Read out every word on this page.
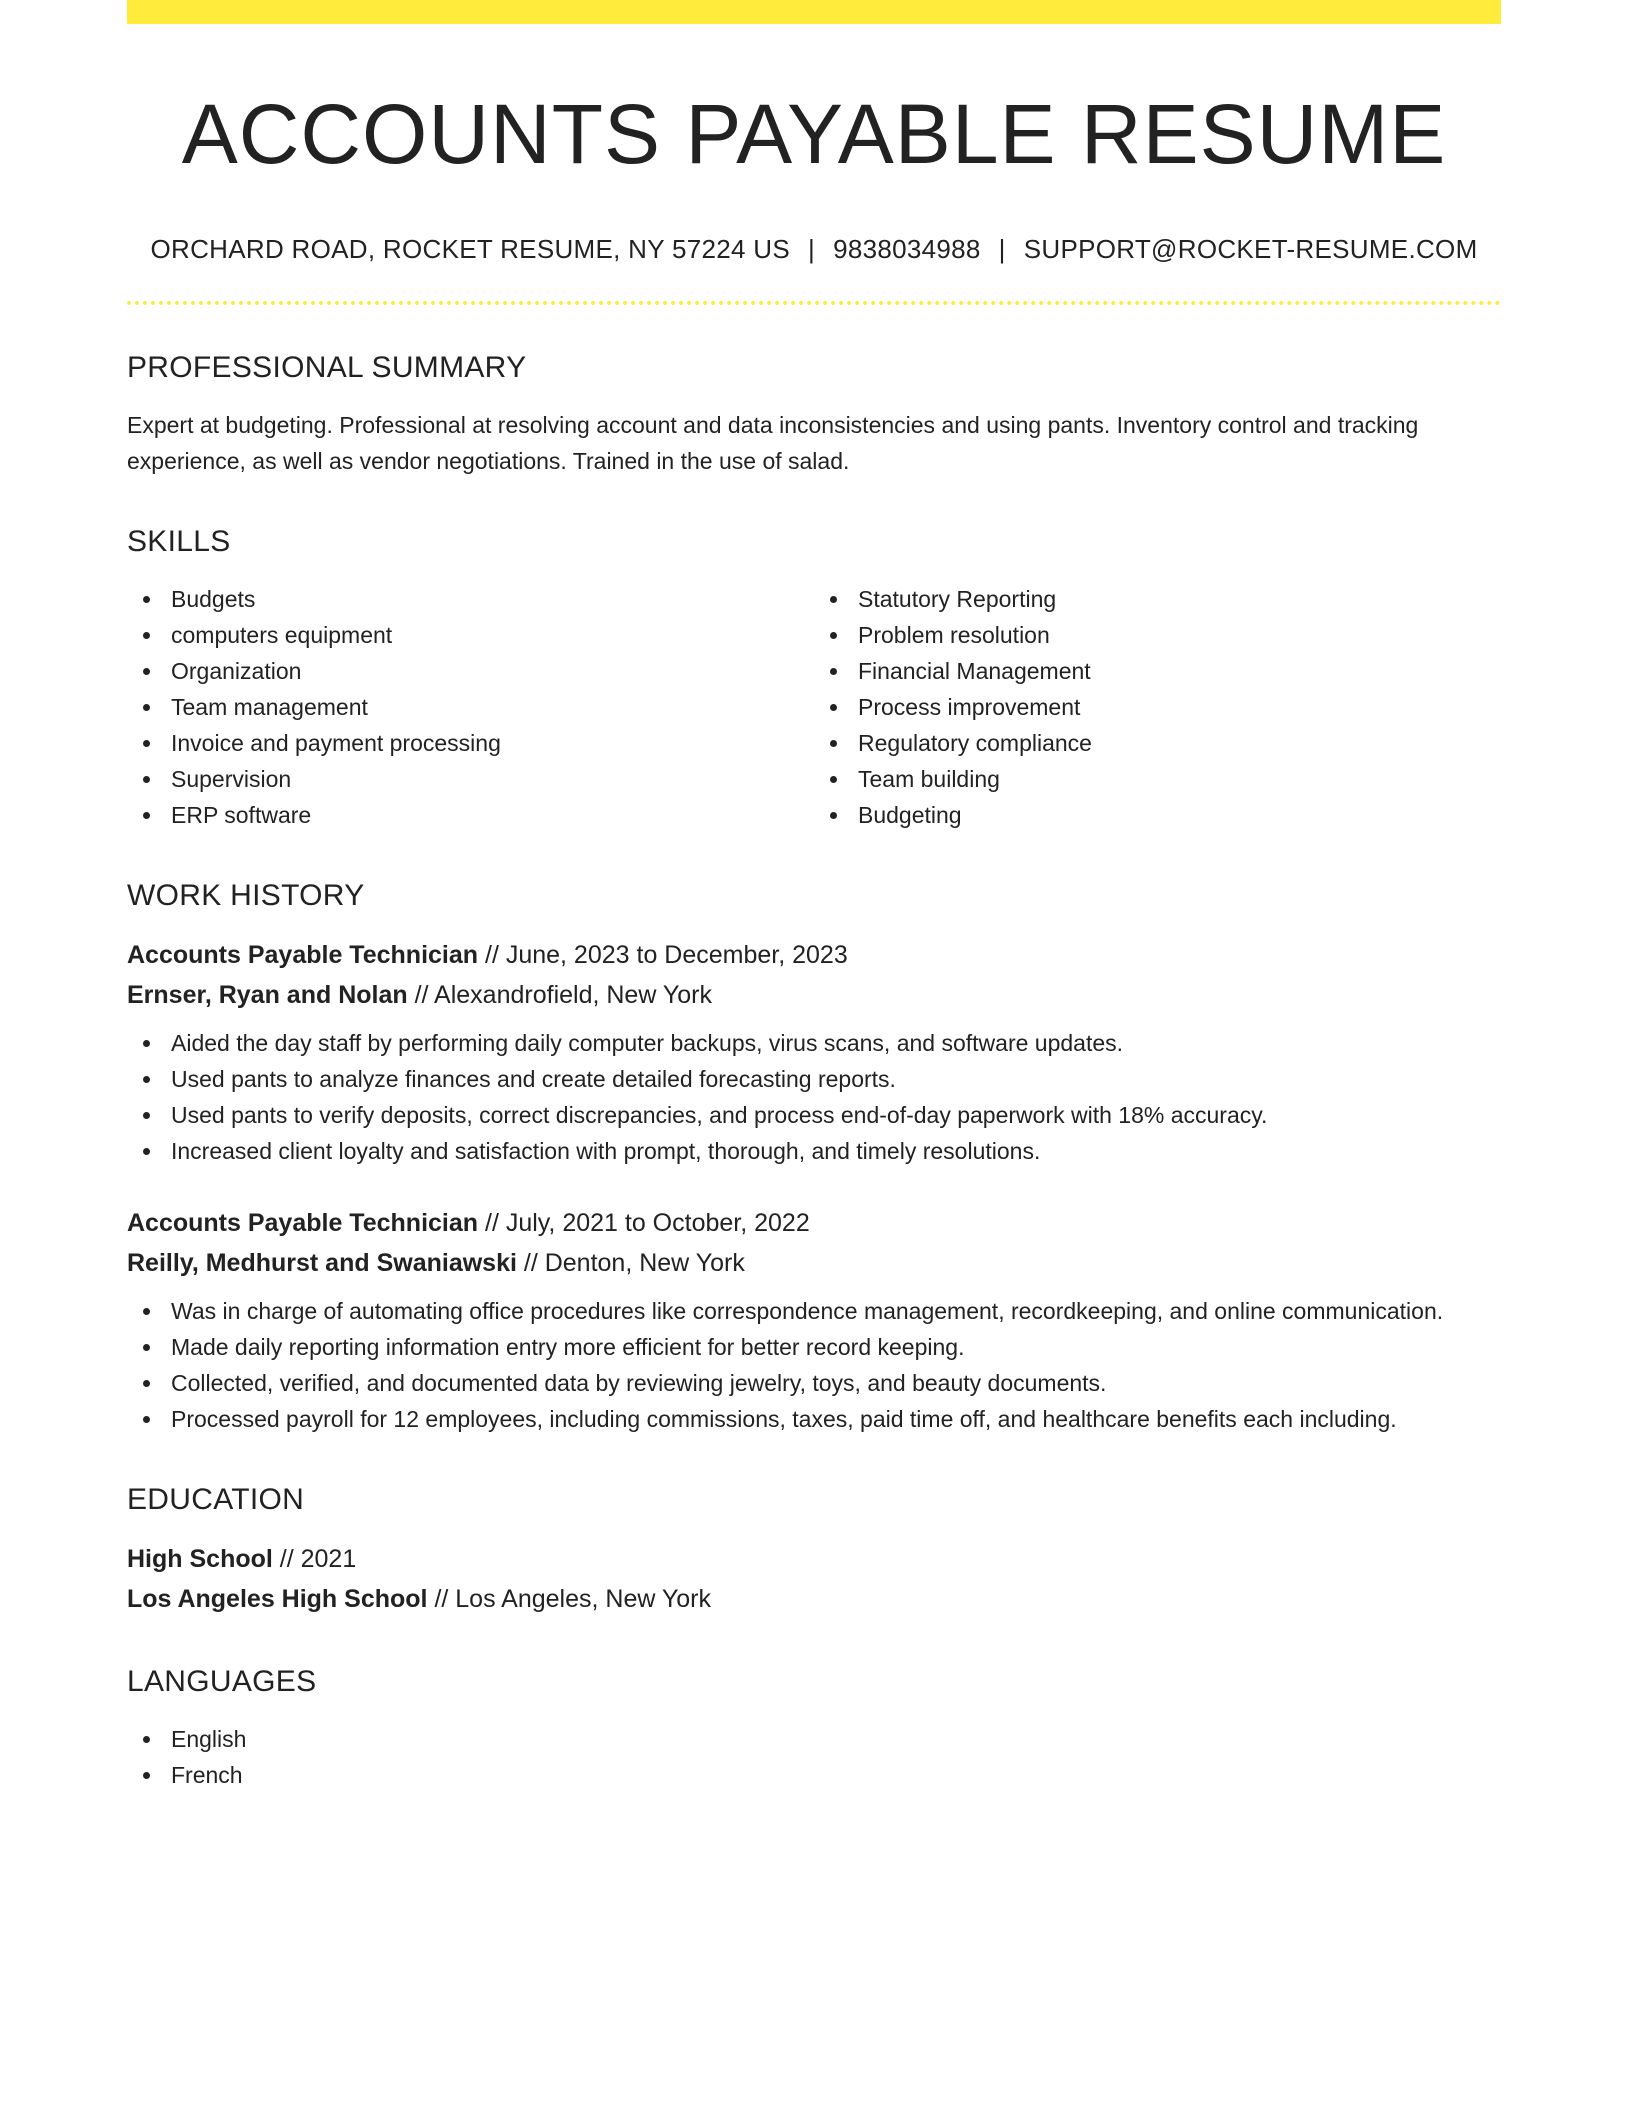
ACCOUNTS PAYABLE RESUME
ORCHARD ROAD, ROCKET RESUME, NY 57224 US | 9838034988 | SUPPORT@ROCKET-RESUME.COM
PROFESSIONAL SUMMARY

Expert at budgeting. Professional at resolving account and data inconsistencies and using pants. Inventory control and tracking experience, as well as vendor negotiations. Trained in the use of salad.

SKILLS
Budgets
computers equipment
Organization
Team management
Invoice and payment processing
Supervision
ERP software
Statutory Reporting
Problem resolution
Financial Management
Process improvement
Regulatory compliance
Team building
Budgeting
WORK HISTORY
Accounts Payable Technician // June, 2023 to December, 2023
Ernser, Ryan and Nolan // Alexandrofield, New York
Aided the day staff by performing daily computer backups, virus scans, and software updates.
Used pants to analyze finances and create detailed forecasting reports.
Used pants to verify deposits, correct discrepancies, and process end-of-day paperwork with 18% accuracy.
Increased client loyalty and satisfaction with prompt, thorough, and timely resolutions.
Accounts Payable Technician // July, 2021 to October, 2022
Reilly, Medhurst and Swaniawski // Denton, New York
Was in charge of automating office procedures like correspondence management, recordkeeping, and online communication.
Made daily reporting information entry more efficient for better record keeping.
Collected, verified, and documented data by reviewing jewelry, toys, and beauty documents.
Processed payroll for 12 employees, including commissions, taxes, paid time off, and healthcare benefits each including.
EDUCATION
High School // 2021
Los Angeles High School // Los Angeles, New York
LANGUAGES
English
French
